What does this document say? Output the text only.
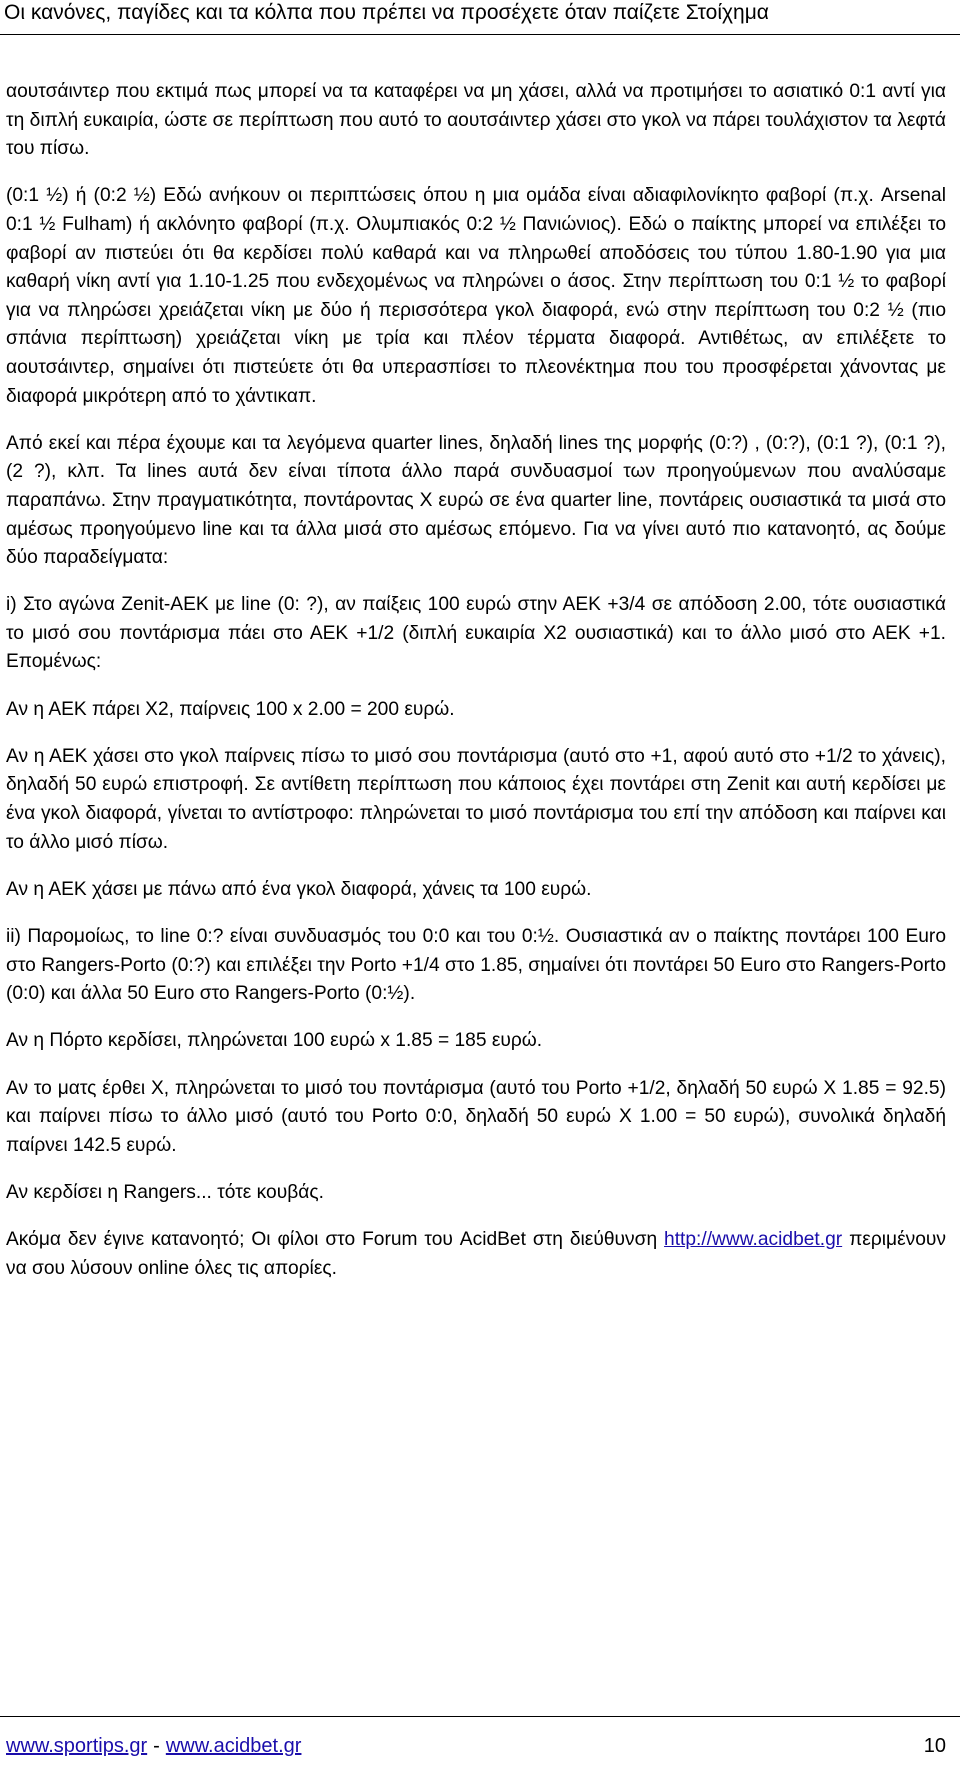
Οι κανόνες, παγίδες και τα κόλπα που πρέπει να προσέχετε όταν παίζετε Στοίχημα

αουτσάιντερ που εκτιμά πως μπορεί να τα καταφέρει να μη χάσει, αλλά να προτιμήσει το ασιατικό 0:1 αντί για τη διπλή ευκαιρία, ώστε σε περίπτωση που αυτό το αουτσάιντερ χάσει στο γκολ να πάρει τουλάχιστον τα λεφτά του πίσω.

(0:1 ½) ή (0:2 ½) Εδώ ανήκουν οι περιπτώσεις όπου η μια ομάδα είναι αδιαφιλονίκητο φαβορί (π.χ. Arsenal 0:1 ½ Fulham) ή ακλόνητο φαβορί (π.χ. Ολυμπιακός 0:2 ½ Πανιώνιος). Εδώ ο παίκτης μπορεί να επιλέξει το φαβορί αν πιστεύει ότι θα κερδίσει πολύ καθαρά και να πληρωθεί αποδόσεις του τύπου 1.80-1.90 για μια καθαρή νίκη αντί για 1.10-1.25 που ενδεχομένως να πληρώνει ο άσος. Στην περίπτωση του 0:1 ½ το φαβορί για να πληρώσει χρειάζεται νίκη με δύο ή περισσότερα γκολ διαφορά, ενώ στην περίπτωση του 0:2 ½ (πιο σπάνια περίπτωση) χρειάζεται νίκη με τρία και πλέον τέρματα διαφορά. Αντιθέτως, αν επιλέξετε το αουτσάιντερ, σημαίνει ότι πιστεύετε ότι θα υπερασπίσει το πλεονέκτημα που του προσφέρεται χάνοντας με διαφορά μικρότερη από το χάντικαπ.

Από εκεί και πέρα έχουμε και τα λεγόμενα quarter lines, δηλαδή lines της μορφής (0:?) , (0:?), (0:1 ?), (0:1 ?), (2 ?), κλπ. Τα lines αυτά δεν είναι τίποτα άλλο παρά συνδυασμοί των προηγούμενων που αναλύσαμε παραπάνω. Στην πραγματικότητα, ποντάροντας Χ ευρώ σε ένα quarter line, ποντάρεις ουσιαστικά τα μισά στο αμέσως προηγούμενο line και τα άλλα μισά στο αμέσως επόμενο. Για να γίνει αυτό πιο κατανοητό, ας δούμε δύο παραδείγματα:

i) Στο αγώνα Zenit-ΑΕΚ με line (0: ?), αν παίξεις 100 ευρώ στην ΑΕΚ +3/4 σε απόδοση 2.00, τότε ουσιαστικά το μισό σου ποντάρισμα πάει στο ΑΕΚ +1/2 (διπλή ευκαιρία Χ2 ουσιαστικά) και το άλλο μισό στο ΑΕΚ +1. Επομένως:

Αν η ΑΕΚ πάρει Χ2, παίρνεις 100 x 2.00 = 200 ευρώ.

Αν η ΑΕΚ χάσει στο γκολ παίρνεις πίσω το μισό σου ποντάρισμα (αυτό στο +1, αφού αυτό στο +1/2 το χάνεις), δηλαδή 50 ευρώ επιστροφή. Σε αντίθετη περίπτωση που κάποιος έχει ποντάρει στη Zenit και αυτή κερδίσει με ένα γκολ διαφορά, γίνεται το αντίστροφο: πληρώνεται το μισό ποντάρισμα του επί την απόδοση και παίρνει και το άλλο μισό πίσω.

Αν η ΑΕΚ χάσει με πάνω από ένα γκολ διαφορά, χάνεις τα 100 ευρώ.

ii) Παρομοίως, το line 0:? είναι συνδυασμός του 0:0 και του 0:½. Ουσιαστικά αν ο παίκτης ποντάρει 100 Euro στο Rangers-Porto (0:?) και επιλέξει την Porto +1/4 στο 1.85, σημαίνει ότι ποντάρει 50 Euro στο Rangers-Porto (0:0) και άλλα 50 Euro στο Rangers-Porto (0:½).

Αν η Πόρτο κερδίσει, πληρώνεται 100 ευρώ x 1.85 = 185 ευρώ.

Αν το ματς έρθει Χ, πληρώνεται το μισό του ποντάρισμα (αυτό του Porto +1/2, δηλαδή 50 ευρώ Χ 1.85 = 92.5) και παίρνει πίσω το άλλο μισό (αυτό του Porto 0:0, δηλαδή 50 ευρώ Χ 1.00 = 50 ευρώ), συνολικά δηλαδή παίρνει 142.5 ευρώ.

Αν κερδίσει η Rangers... τότε κουβάς.

Ακόμα δεν έγινε κατανοητό; Οι φίλοι στο Forum του AcidBet στη διεύθυνση http://www.acidbet.gr περιμένουν να σου λύσουν online όλες τις απορίες.

www.sportips.gr - www.acidbet.gr	10
